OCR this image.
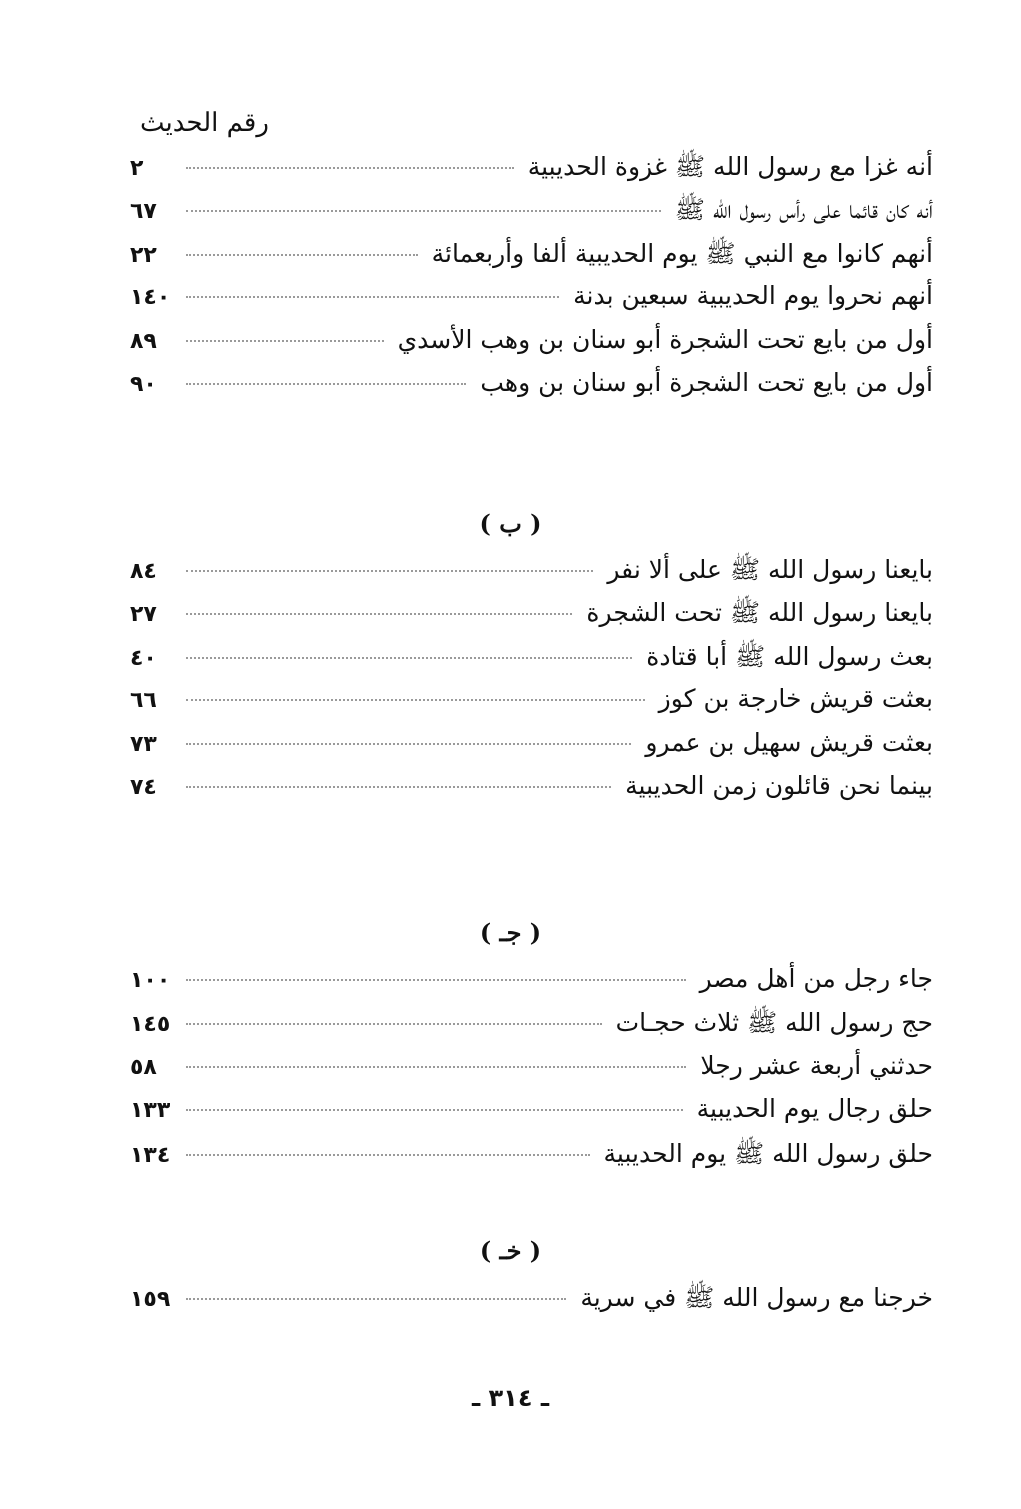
رقم الحديث
أنه غزا مع رسول الله ﷺ غزوة الحديبية
٢
أنه كان قائما على رأس رسول الله ﷺ
٦٧
أنهم كانوا مع النبي ﷺ يوم الحديبية ألفا وأربعمائة
٢٢
أنهم نحروا يوم الحديبية سبعين بدنة
١٤٠
أول من بايع تحت الشجرة أبو سنان بن وهب الأسدي
٨٩
أول من بايع تحت الشجرة أبو سنان بن وهب
٩٠
( ب )
بايعنا رسول الله ﷺ على ألا نفر
٨٤
بايعنا رسول الله ﷺ تحت الشجرة
٢٧
بعث رسول الله ﷺ أبا قتادة
٤٠
بعثت قريش خارجة بن كوز
٦٦
بعثت قريش سهيل بن عمرو
٧٣
بينما نحن قائلون زمن الحديبية
٧٤
( جـ )
جاء رجل من أهل مصر
١٠٠
حج رسول الله ﷺ ثلاث حجـات
١٤٥
حدثني أربعة عشر رجلا
٥٨
حلق رجال يوم الحديبية
١٣٣
حلق رسول الله ﷺ يوم الحديبية
١٣٤
( خـ )
خرجنا مع رسول الله ﷺ في سرية
١٥٩
ـ ٣١٤ ـ
